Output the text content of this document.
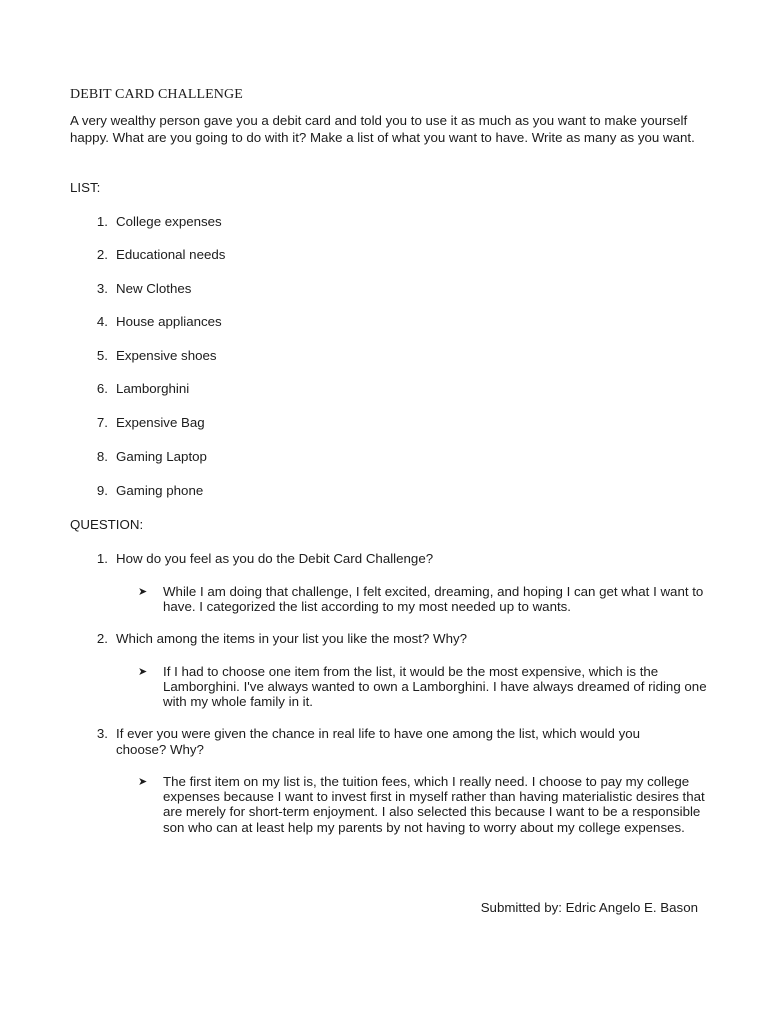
DEBIT CARD CHALLENGE
A very wealthy person gave you a debit card and told you to use it as much as you want to make yourself happy. What are you going to do with it? Make a list of what you want to have. Write as many as you want.
LIST:
1. College expenses
2. Educational needs
3. New Clothes
4. House appliances
5. Expensive shoes
6. Lamborghini
7. Expensive Bag
8. Gaming Laptop
9. Gaming phone
QUESTION:
1. How do you feel as you do the Debit Card Challenge?
➤ While I am doing that challenge, I felt excited, dreaming, and hoping I can get what I want to have. I categorized the list according to my most needed up to wants.
2. Which among the items in your list you like the most? Why?
➤ If I had to choose one item from the list, it would be the most expensive, which is the Lamborghini. I've always wanted to own a Lamborghini. I have always dreamed of riding one with my whole family in it.
3. If ever you were given the chance in real life to have one among the list, which would you choose? Why?
➤ The first item on my list is, the tuition fees, which I really need. I choose to pay my college expenses because I want to invest first in myself rather than having materialistic desires that are merely for short-term enjoyment. I also selected this because I want to be a responsible son who can at least help my parents by not having to worry about my college expenses.
Submitted by: Edric Angelo E. Bason
